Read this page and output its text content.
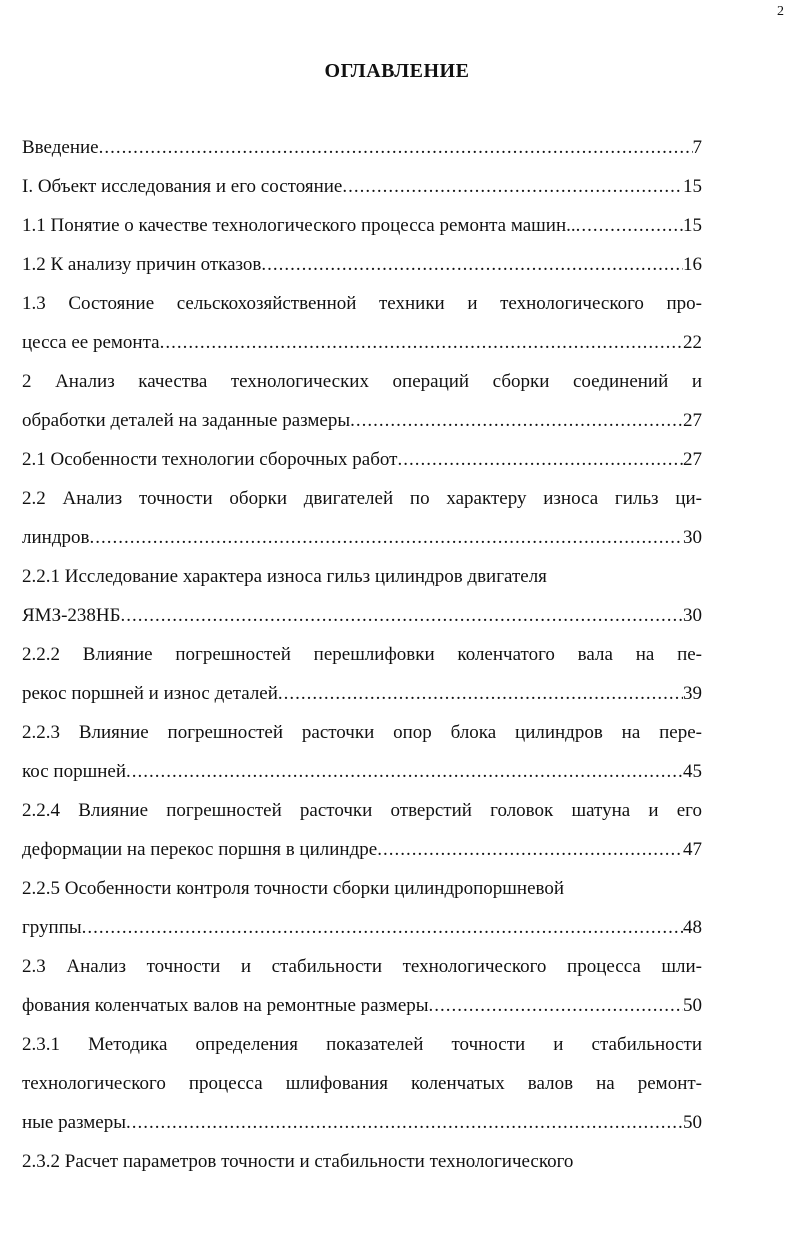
2
ОГЛАВЛЕНИЕ
Введение .....	7
I. Объект исследования и его состояние .....	15
1.1 Понятие о качестве технологического процесса ремонта машин.. .....	15
1.2 К анализу причин отказов .....	16
1.3 Состояние сельскохозяйственной техники и технологического про-
цесса ее ремонта .....	22
2 Анализ качества технологических операций сборки соединений и
обработки деталей на заданные размеры .....	27
2.1 Особенности технологии сборочных работ .....	27
2.2 Анализ точности оборки двигателей по характеру износа гильз ци-
линдров .....	30
2.2.1 Исследование характера износа гильз цилиндров двигателя
ЯМЗ-238НБ .....	30
2.2.2 Влияние погрешностей перешлифовки коленчатого вала на пе-
рекос поршней и износ деталей .....	39
2.2.3 Влияние погрешностей расточки опор блока цилиндров на пере-
кос поршней .....	45
2.2.4 Влияние погрешностей расточки отверстий головок шатуна и его
деформации на перекос поршня в цилиндре .....	47
2.2.5 Особенности контроля точности сборки цилиндропоршневой
группы .....	48
2.3 Анализ точности и стабильности технологического процесса шли-
фования коленчатых валов на ремонтные размеры .....	50
2.3.1 Методика определения показателей точности и стабильности
технологического процесса шлифования коленчатых валов на ремонт-
ные размеры .....	50
2.3.2 Расчет параметров точности и стабильности технологического
